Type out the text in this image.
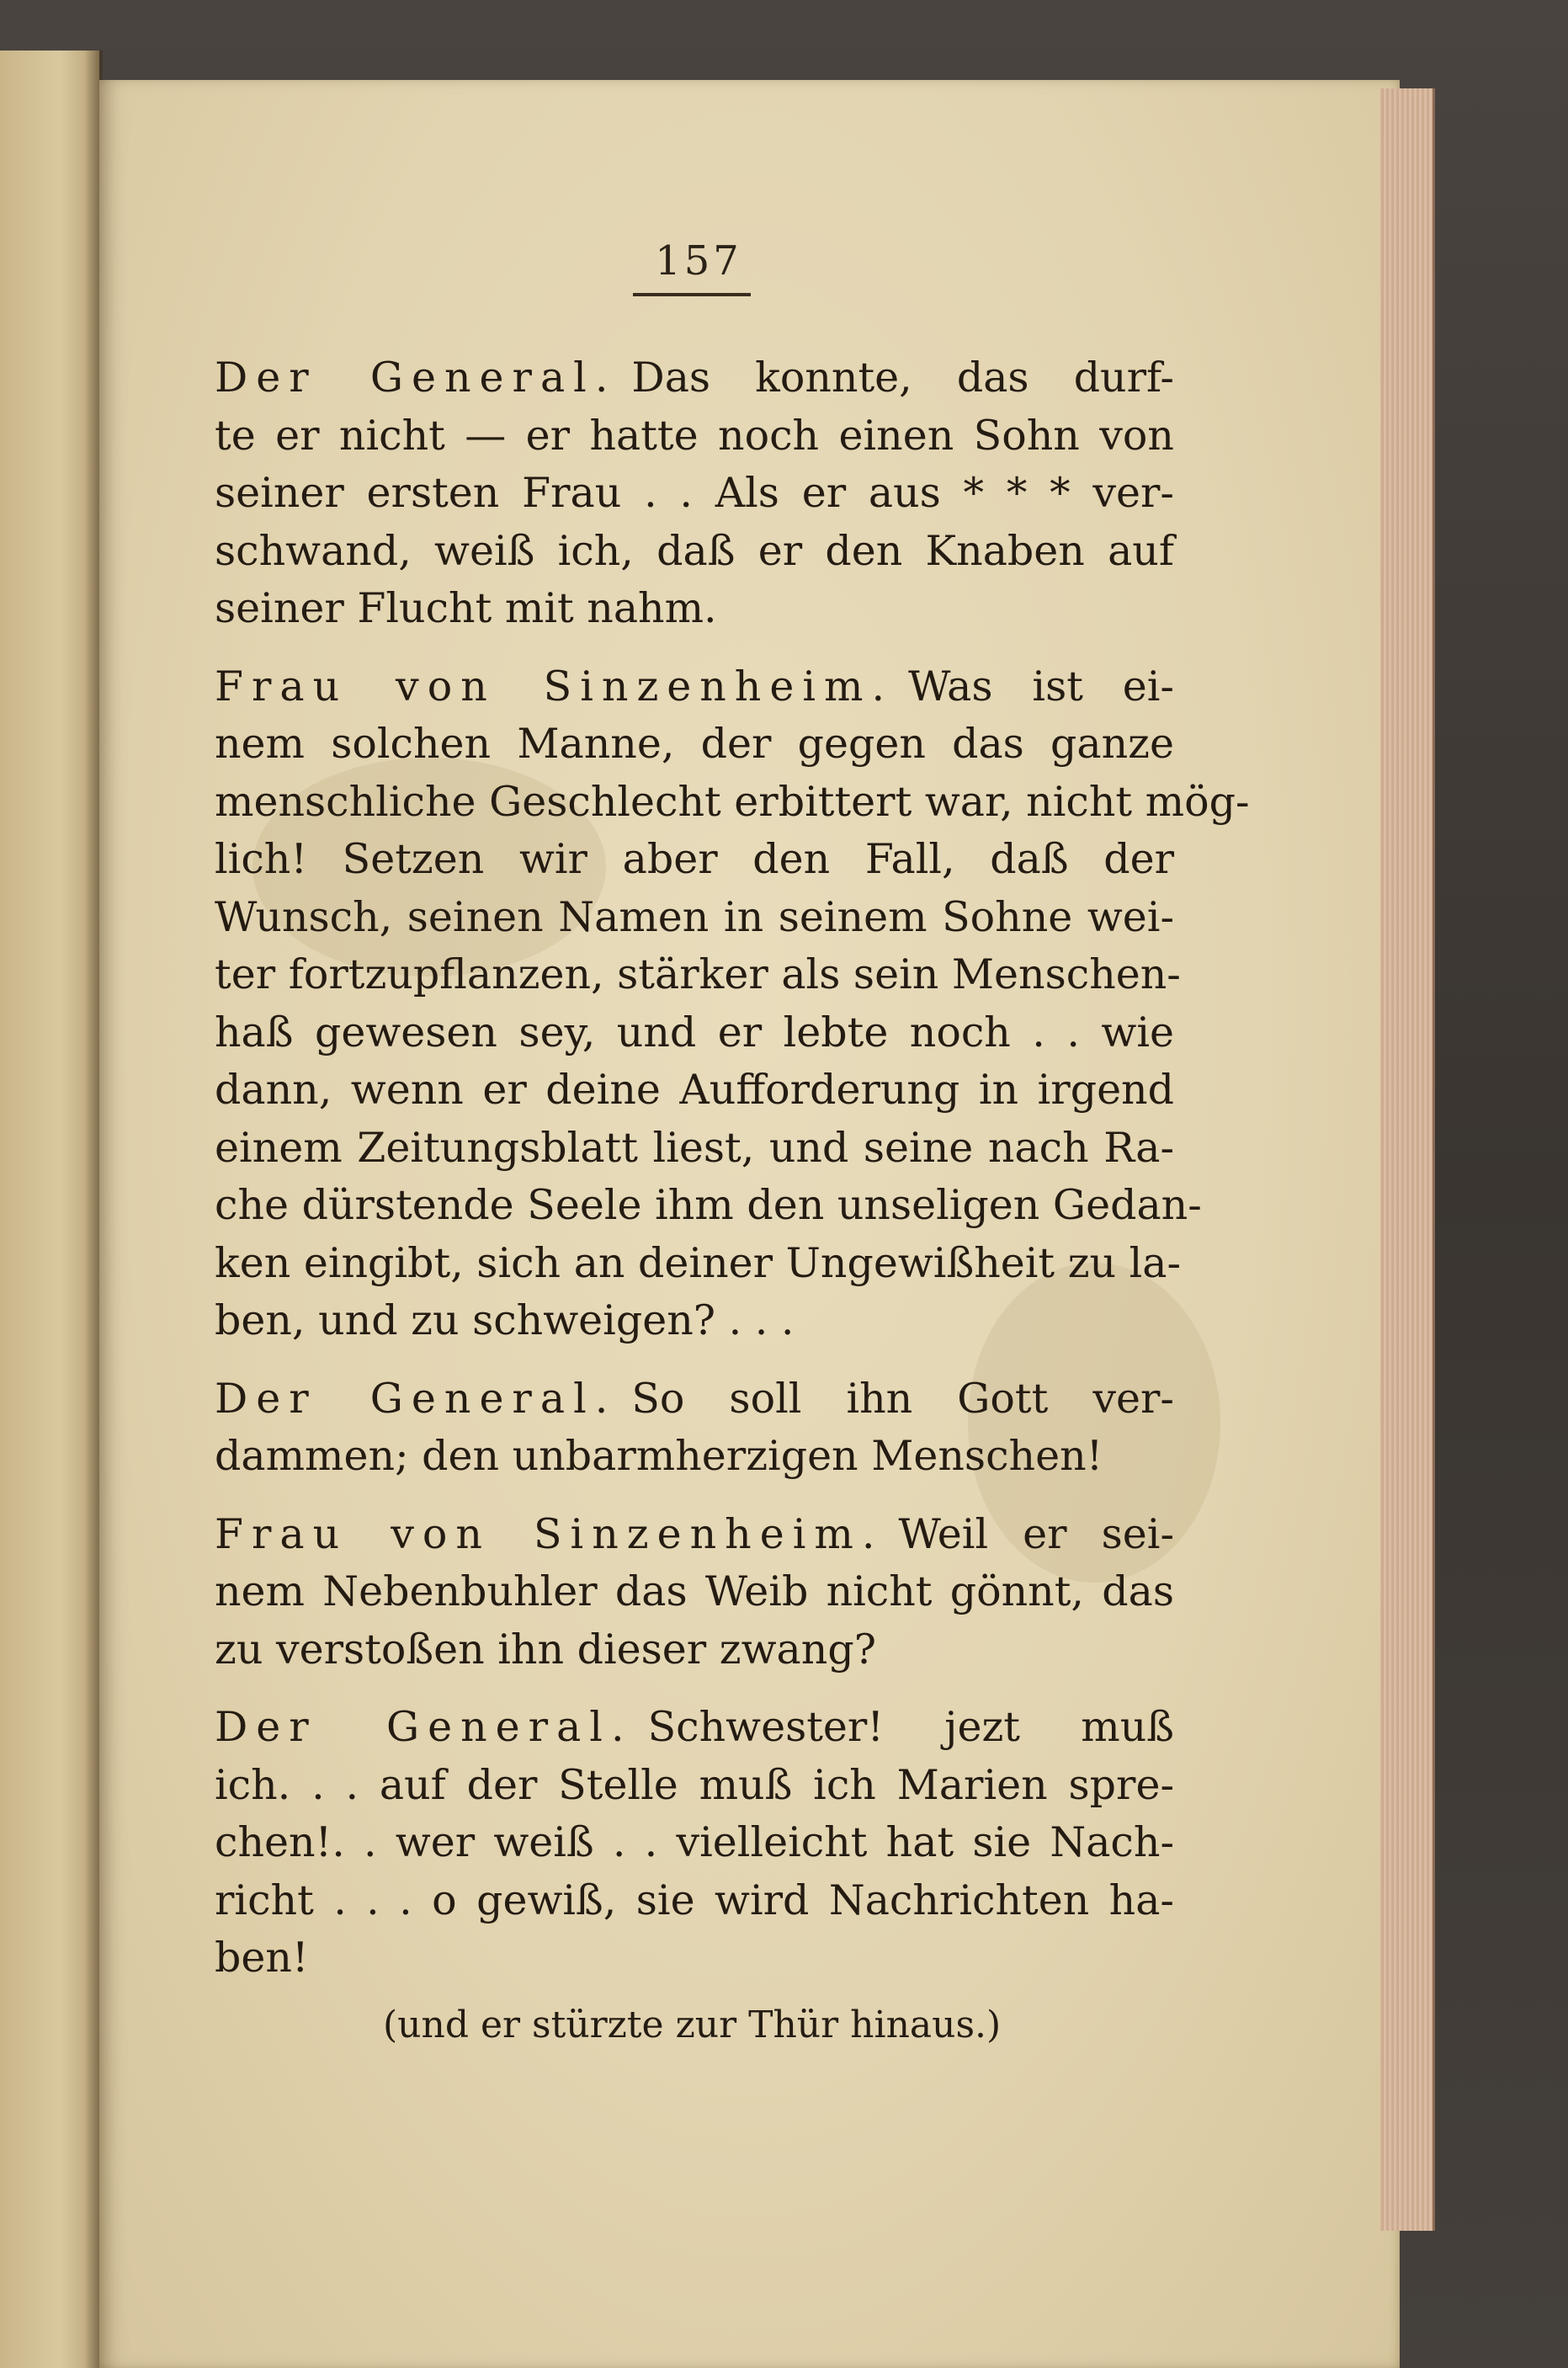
157
Der General. Das konnte, das durf-
te er nicht — er hatte noch einen Sohn von
seiner ersten Frau . . Als er aus * * * ver-
schwand, weiß ich, daß er den Knaben auf
seiner Flucht mit nahm.
Frau von Sinzenheim. Was ist ei-
nem solchen Manne, der gegen das ganze
menschliche Geschlecht erbittert war, nicht mög-
lich! Setzen wir aber den Fall, daß der
Wunsch, seinen Namen in seinem Sohne wei-
ter fortzupflanzen, stärker als sein Menschen-
haß gewesen sey, und er lebte noch . . wie
dann, wenn er deine Aufforderung in irgend
einem Zeitungsblatt liest, und seine nach Ra-
che dürstende Seele ihm den unseligen Gedan-
ken eingibt, sich an deiner Ungewißheit zu la-
ben, und zu schweigen? . . .
Der General. So soll ihn Gott ver-
dammen; den unbarmherzigen Menschen!
Frau von Sinzenheim. Weil er sei-
nem Nebenbuhler das Weib nicht gönnt, das
zu verstoßen ihn dieser zwang?
Der General. Schwester! jezt muß
ich. . . auf der Stelle muß ich Marien spre-
chen!. . wer weiß . . vielleicht hat sie Nach-
richt . . . o gewiß, sie wird Nachrichten ha-
ben!
(und er stürzte zur Thür hinaus.)
